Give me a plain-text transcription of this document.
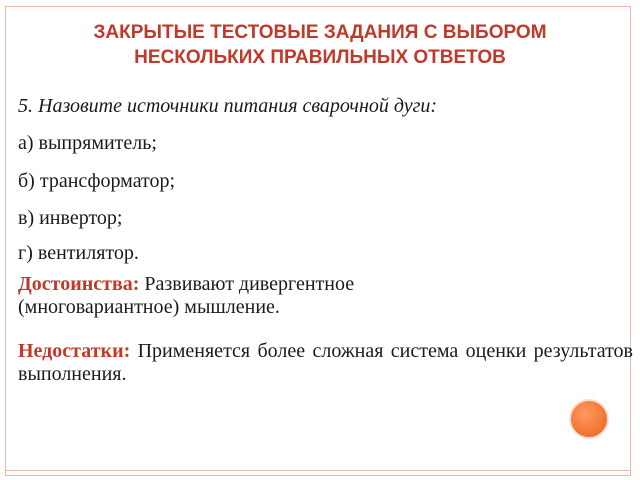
ЗАКРЫТЫЕ ТЕСТОВЫЕ ЗАДАНИЯ С ВЫБОРОМ
НЕСКОЛЬКИХ ПРАВИЛЬНЫХ ОТВЕТОВ
5. Назовите источники питания сварочной дуги:
а) выпрямитель;
б) трансформатор;
в) инвертор;
г) вентилятор.
Достоинства: Развивают дивергентное
(многовариантное) мышление.
Недостатки: Применяется более сложная система оценки результатов выполнения.
